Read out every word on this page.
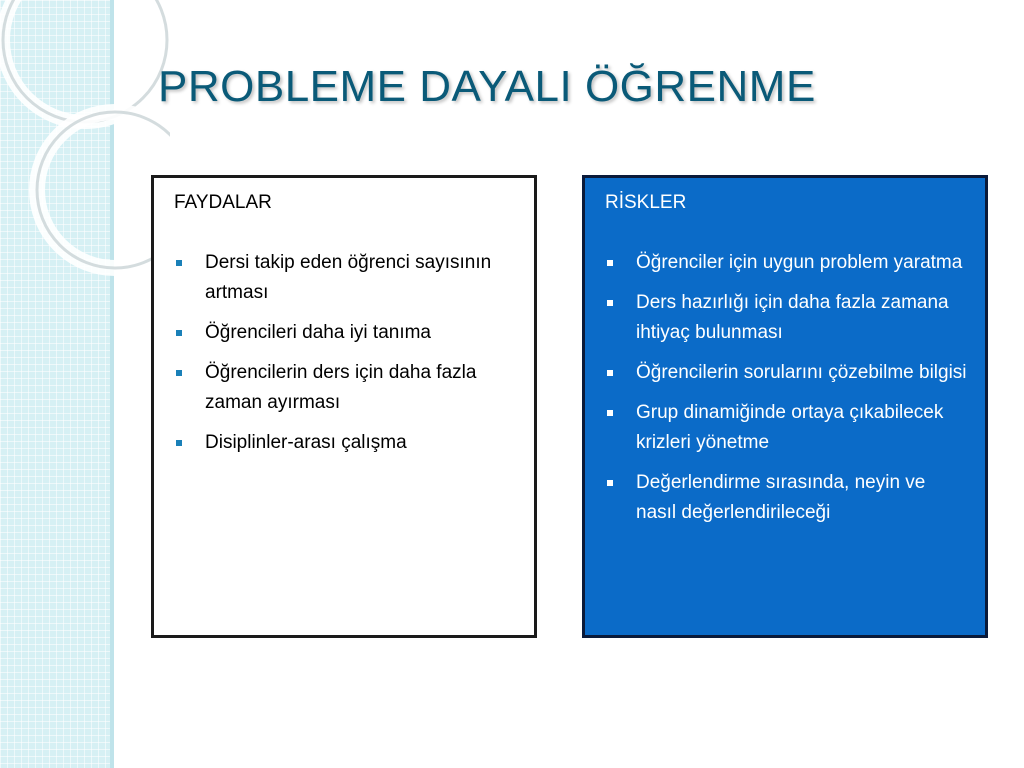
PROBLEME DAYALI ÖĞRENME
FAYDALAR
Dersi takip eden öğrenci sayısının artması
Öğrencileri daha iyi tanıma
Öğrencilerin ders için daha fazla zaman ayırması
Disiplinler-arası çalışma
RİSKLER
Öğrenciler için uygun problem yaratma
Ders hazırlığı için daha fazla zamana ihtiyaç bulunması
Öğrencilerin sorularını çözebilme bilgisi
Grup dinamiğinde ortaya çıkabilecek krizleri yönetme
Değerlendirme sırasında, neyin ve nasıl değerlendirileceği
